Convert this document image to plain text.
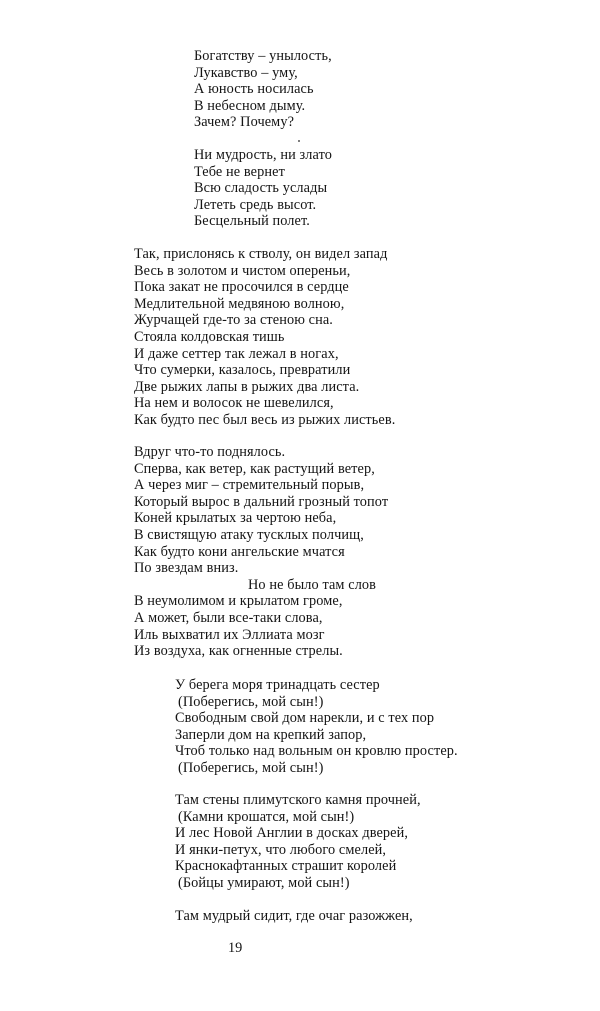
Богатству – унылость,
Лукавство – уму,
А юность носилась
В небесном дыму.
Зачем? Почему?
Ни мудрость, ни злато
Тебе не вернет
Всю сладость услады
Лететь средь высот.
Бесцельный полет.
Так, прислонясь к стволу, он видел запад
Весь в золотом и чистом опереньи,
Пока закат не просочился в сердце
Медлительной медвяною волною,
Журчащей где-то за стеною сна.
Стояла колдовская тишь
И даже сеттер так лежал в ногах,
Что сумерки, казалось, превратили
Две рыжих лапы в рыжих два листа.
На нем и волосок не шевелился,
Как будто пес был весь из рыжих листьев.
Вдруг что-то поднялось.
Сперва, как ветер, как растущий ветер,
А через миг – стремительный порыв,
Который вырос в дальний грозный топот
Коней крылатых за чертою неба,
В свистящую атаку тусклых полчищ,
Как будто кони ангельские мчатся
По звездам вниз.
Но не было там слов
В неумолимом и крылатом громе,
А может, были все-таки слова,
Иль выхватил их Эллиата мозг
Из воздуха, как огненные стрелы.
У берега моря тринадцать сестер
(Поберегись, мой сын!)
Свободным свой дом нарекли, и с тех пор
Заперли дом на крепкий запор,
Чтоб только над вольным он кровлю простер.
(Поберегись, мой сын!)
Там стены плимутского камня прочней,
(Камни крошатся, мой сын!)
И лес Новой Англии в досках дверей,
И янки-петух, что любого смелей,
Краснокафтанных страшит королей
(Бойцы умирают, мой сын!)
Там мудрый сидит, где очаг разожжен,
19
